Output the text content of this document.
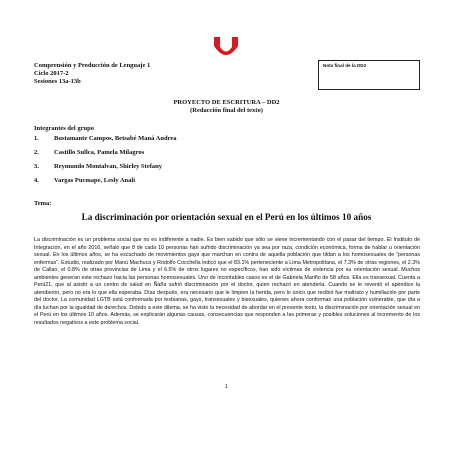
Comprensión y Producción de Lenguaje 1
Ciclo 2017-2
Sesiones 13a-13b
Nota final de la DD2
PROYECTO DE ESCRITURA – DD2
(Redacción final del texto)
Integrantes del grupo
1.	Bustamante Campos, Betsabé Maná Andrea
2.	Castillo Sullca, Pamela Milagros
3.	Reymundo Montalvan, Shirley Stefany
4.	Vargas Pucmape, Lesly Anali
Tema:
La discriminación por orientación sexual en el Perú en los últimos 10 años

La discriminación es un problema social que no es indiferente a nadie. Es bien sabido que sólo se viene incrementando con el pasar del tiempo. El Instituto de Integración, en el año 2016, señaló que 8 de cada 10 personas han sufrido discriminación ya sea por raza, condición económica, forma de hablar u orientación sexual. En los últimos años, se ha escuchado de movimientos gays que marchan en contra de aquella población que tildan a los homosexuales de “personas enfermas”. Estudio, realizado por Manú Machuca y Rodolfo Cocchella indicó que el 83.1% perteneciente a Lima Metropolitana, el 7.3% de otras regiones, el 2.3% de Callao, el 0.8% de otras provincias de Lima y el 6.5% de otros lugares no específicos, han sido víctimas de violencia por su orientación sexual. Muchos ambientes generan este rechazo hacia las personas homosexuales. Uno de incontables casos es el de Gabriela Mariño de 58 años. Ella es transexual. Cuenta a Perú21, que al asistir a un centro de salud en Ñaña sufrió discriminación por el doctor, quien rechazó en atenderla. Cuando se le reventó el apéndice la atendieron, pero no era lo que ella esperaba. Días después, era necesario que le limpien la herida, pero lo único que recibió fue maltrato y humillación por parte del doctor. La comunidad LGTB está conformada por lesbianas, gays, transexuales y bisexuales, quienes ahora conforman una población vulnerable, que día a día luchan por la igualdad de derechos. Debido a este dilema, se ha visto la necesidad de abordar en el presente texto, la discriminación por orientación sexual en el Perú en los últimos 10 años. Además, se explicarán algunas causas, consecuencias que responden a las primeras y posibles soluciones al incremento de los resultados negativos a este problema social.

1
